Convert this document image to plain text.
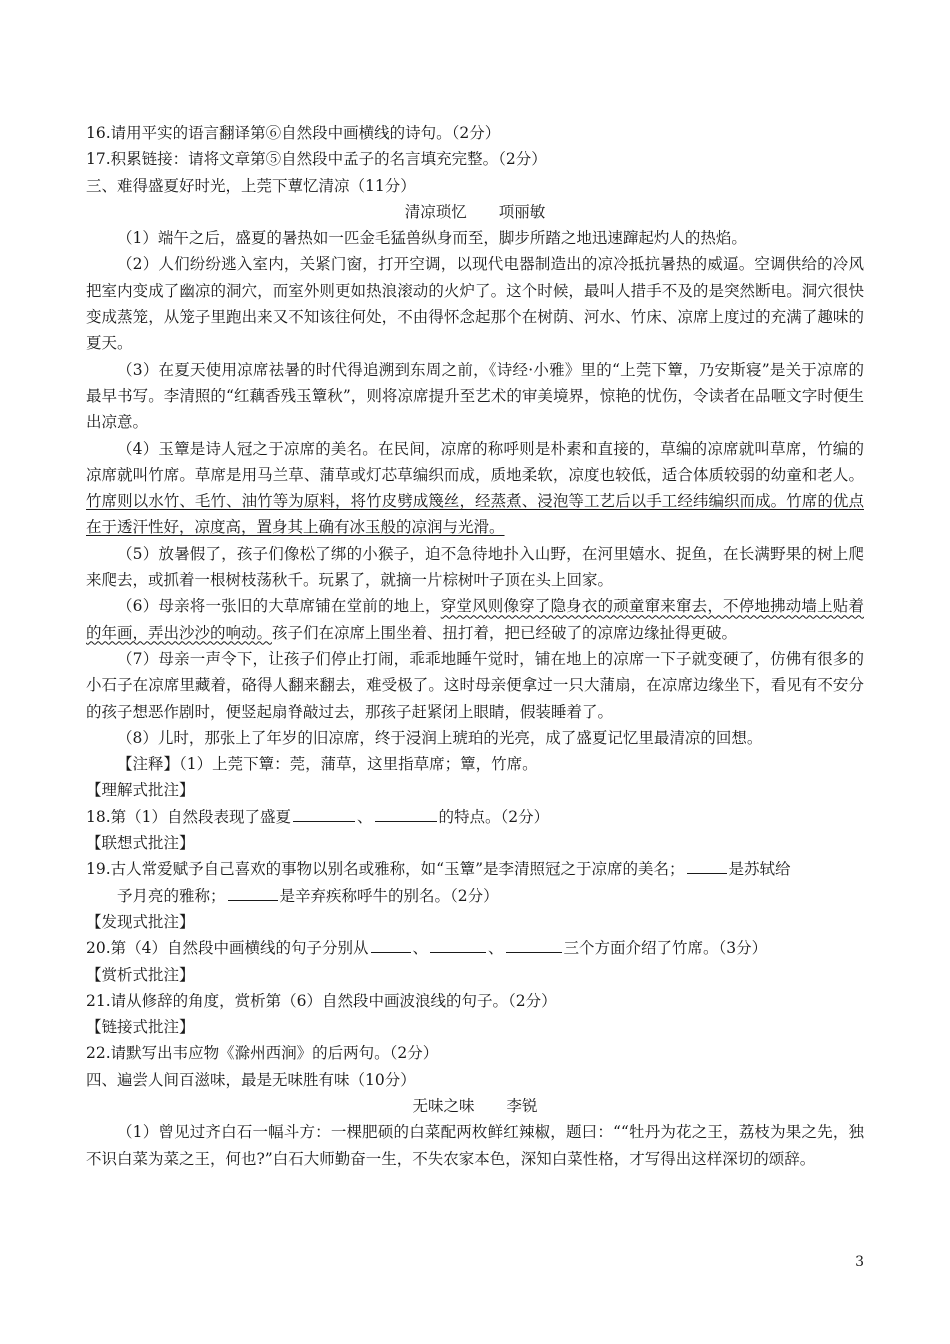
16.请用平实的语言翻译第⑥自然段中画横线的诗句。（2分）
17.积累链接：请将文章第⑤自然段中孟子的名言填充完整。（2分）
三、难得盛夏好时光，上莞下蕈忆清凉（11分）
清凉琐忆 项丽敏

（1）端午之后，盛夏的暑热如一匹金毛猛兽纵身而至，脚步所踏之地迅速蹿起灼人的热焰。

（2）人们纷纷逃入室内，关紧门窗，打开空调，以现代电器制造出的凉冷抵抗暑热的威逼。空调供给的冷风把室内变成了幽凉的洞穴，而室外则更如热浪滚动的火炉了。这个时候，最叫人措手不及的是突然断电。洞穴很快变成蒸笼，从笼子里跑出来又不知该往何处，不由得怀念起那个在树荫、河水、竹床、凉席上度过的充满了趣味的夏天。

（3）在夏天使用凉席祛暑的时代得追溯到东周之前，《诗经·小雅》里的“上莞下簟，乃安斯寝”是关于凉席的最早书写。李清照的“红藕香残玉簟秋”，则将凉席提升至艺术的审美境界，惊艳的忧伤，令读者在品咂文字时便生出凉意。

（4）玉簟是诗人冠之于凉席的美名。在民间，凉席的称呼则是朴素和直接的，草编的凉席就叫草席，竹编的凉席就叫竹席。草席是用马兰草、蒲草或灯芯草编织而成，质地柔软，凉度也较低，适合体质较弱的幼童和老人。竹席则以水竹、毛竹、油竹等为原料，将竹皮劈成篾丝，经蒸煮、浸泡等工艺后以手工经纬编织而成。竹席的优点在于透汗性好，凉度高，置身其上确有冰玉般的凉润与光滑。

（5）放暑假了，孩子们像松了绑的小猴子，迫不急待地扑入山野，在河里嬉水、捉鱼，在长满野果的树上爬来爬去，或抓着一根树枝荡秋千。玩累了，就摘一片棕树叶子顶在头上回家。

（6）母亲将一张旧的大草席铺在堂前的地上，穿堂风则像穿了隐身衣的顽童窜来窜去，不停地拂动墙上贴着的年画，弄出沙沙的响动。孩子们在凉席上围坐着、扭打着，把已经破了的凉席边缘扯得更破。

（7）母亲一声令下，让孩子们停止打闹，乖乖地睡午觉时，铺在地上的凉席一下子就变硬了，仿佛有很多的小石子在凉席里藏着，硌得人翻来翻去，难受极了。这时母亲便拿过一只大蒲扇，在凉席边缘坐下，看见有不安分的孩子想恶作剧时，便竖起扇脊敲过去，那孩子赶紧闭上眼睛，假装睡着了。

（8）儿时，那张上了年岁的旧凉席，终于浸润上琥珀的光亮，成了盛夏记忆里最清凉的回想。

【注释】（1）上莞下簟：莞，蒲草，这里指草席；簟，竹席。
【理解式批注】
18.第（1）自然段表现了盛夏	、	的特点。（2分）
【联想式批注】
19.古人常爱赋予自己喜欢的事物以别名或雅称，如“玉簟”是李清照冠之于凉席的美名；	是苏轼给
予月亮的雅称；	是辛弃疾称呼牛的别名。（2分）
【发现式批注】
20.第（4）自然段中画横线的句子分别从	、	、	三个方面介绍了竹席。（3分）
【赏析式批注】
21.请从修辞的角度，赏析第（6）自然段中画波浪线的句子。（2分）
【链接式批注】
22.请默写出韦应物《滁州西涧》的后两句。（2分）
四、遍尝人间百滋味，最是无味胜有味（10分）
无味之味 李锐

（1）曾见过齐白石一幅斗方：一棵肥硕的白菜配两枚鲜红辣椒，题曰：““牡丹为花之王，荔枝为果之先，独不识白菜为菜之王，何也?”白石大师勤奋一生，不失农家本色，深知白菜性格，才写得出这样深切的颂辞。

3
